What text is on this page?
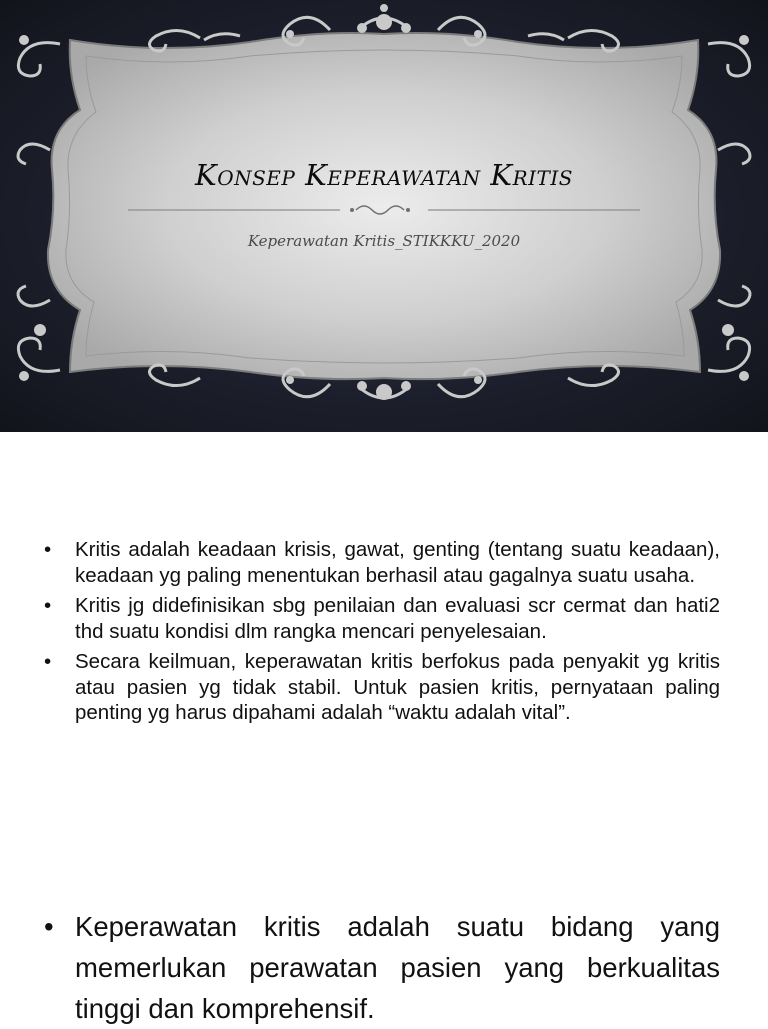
Konsep Keperawatan Kritis
Keperawatan Kritis_STIKKKU_2020
• Kritis adalah keadaan krisis, gawat, genting (tentang suatu keadaan), keadaan yg paling menentukan berhasil atau gagalnya suatu usaha.
• Kritis jg didefinisikan sbg penilaian dan evaluasi scr cermat dan hati2 thd suatu kondisi dlm rangka mencari penyelesaian.
• Secara keilmuan, keperawatan kritis berfokus pada penyakit yg kritis atau pasien yg tidak stabil. Untuk pasien kritis, pernyataan paling penting yg harus dipahami adalah “waktu adalah vital”.
• Keperawatan kritis adalah suatu bidang yang memerlukan perawatan pasien yang berkualitas tinggi dan komprehensif.
